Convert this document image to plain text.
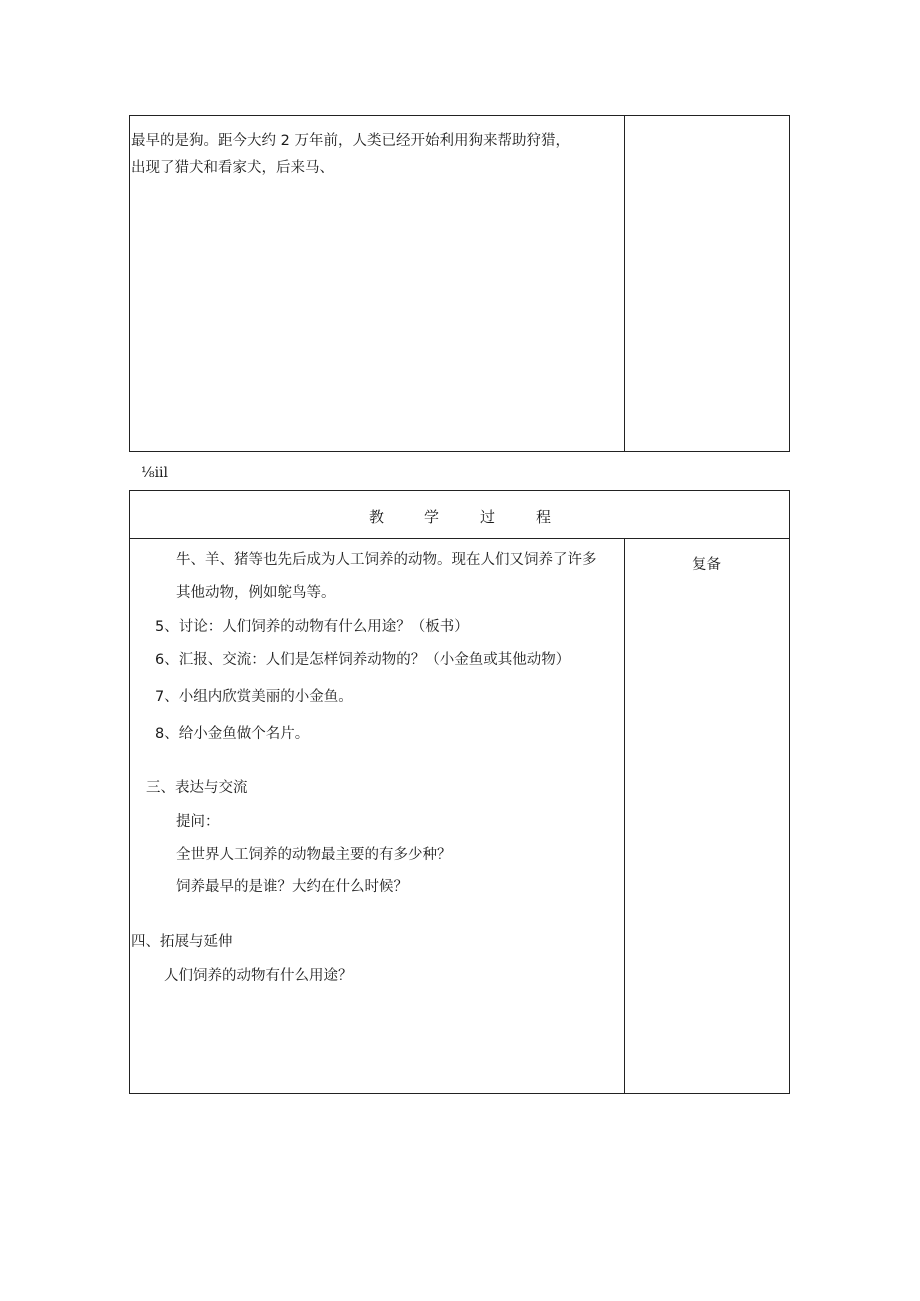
最早的是狗。距今大约 2 万年前，人类已经开始利用狗来帮助狩猎，
出现了猎犬和看家犬，后来马、
⅛iil
教	学	过	程
牛、羊、猪等也先后成为人工饲养的动物。现在人们又饲养了许多
其他动物，例如鸵鸟等。
5、讨论：人们饲养的动物有什么用途？（板书）
6、汇报、交流：人们是怎样饲养动物的？（小金鱼或其他动物）
7、小组内欣赏美丽的小金鱼。
8、给小金鱼做个名片。
三、表达与交流
提问：
全世界人工饲养的动物最主要的有多少种？
饲养最早的是谁？大约在什么时候？
四、拓展与延伸
人们饲养的动物有什么用途？
复备
